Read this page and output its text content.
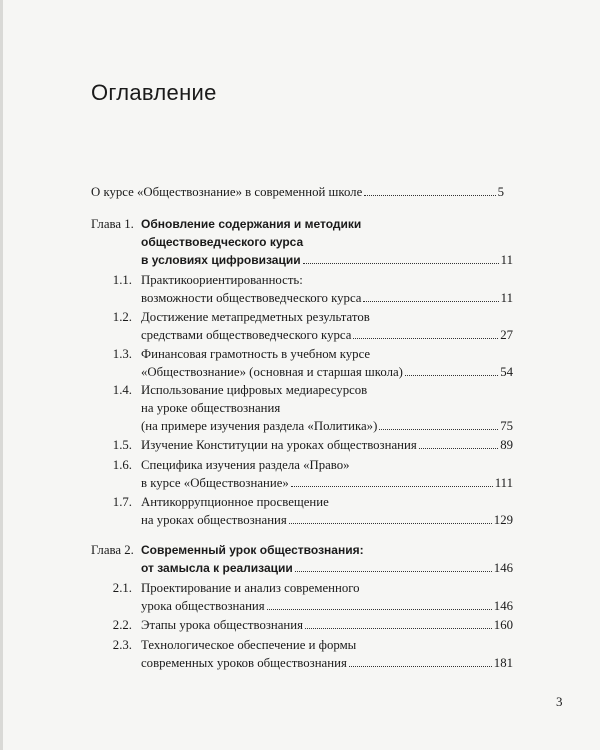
Оглавление
О курсе «Обществознание» в современной школе	5
Глава 1. Обновление содержания и методики
обществоведческого курса
в условиях цифровизации	11
1.1. Практикоориентированность:
возможности обществоведческого курса	11
1.2. Достижение метапредметных результатов
средствами обществоведческого курса	27
1.3. Финансовая грамотность в учебном курсе
«Обществознание» (основная и старшая школа)	54
1.4. Использование цифровых медиаресурсов
на уроке обществознания
(на примере изучения раздела «Политика»)	75
1.5. Изучение Конституции на уроках обществознания	89
1.6. Специфика изучения раздела «Право»
в курсе «Обществознание»	111
1.7. Антикоррупционное просвещение
на уроках обществознания	129
Глава 2. Современный урок обществознания:
от замысла к реализации	146
2.1. Проектирование и анализ современного
урока обществознания	146
2.2. Этапы урока обществознания	160
2.3. Технологическое обеспечение и формы
современных уроков обществознания	181
3
